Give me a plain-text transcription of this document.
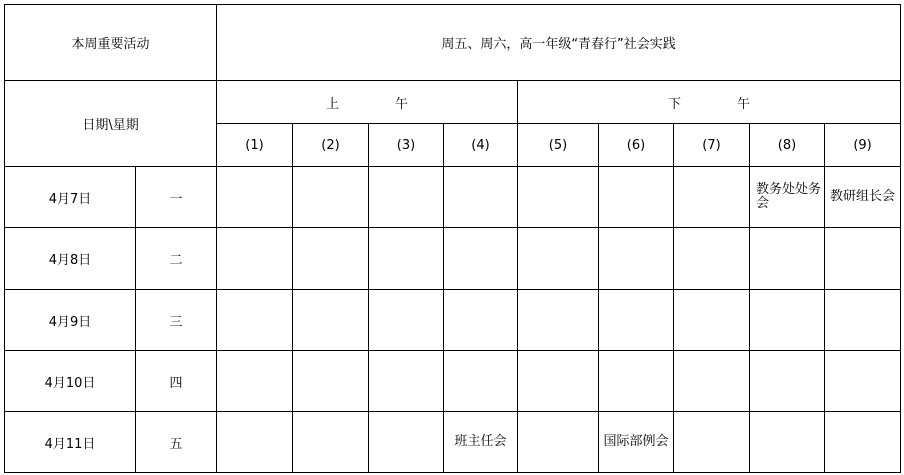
本周重要活动		周五、周六，高一年级“青春行”社会实践								
日期\星期		上 午				下 午				
		(1)	(2)	(3)	(4)	(5)	(6)	(7)	(8)	(9)
4月7日	一								教务处处务会	教研组长会
4月8日	二									
4月9日	三									
4月10日	四									
4月11日	五				班主任会		国际部例会			
